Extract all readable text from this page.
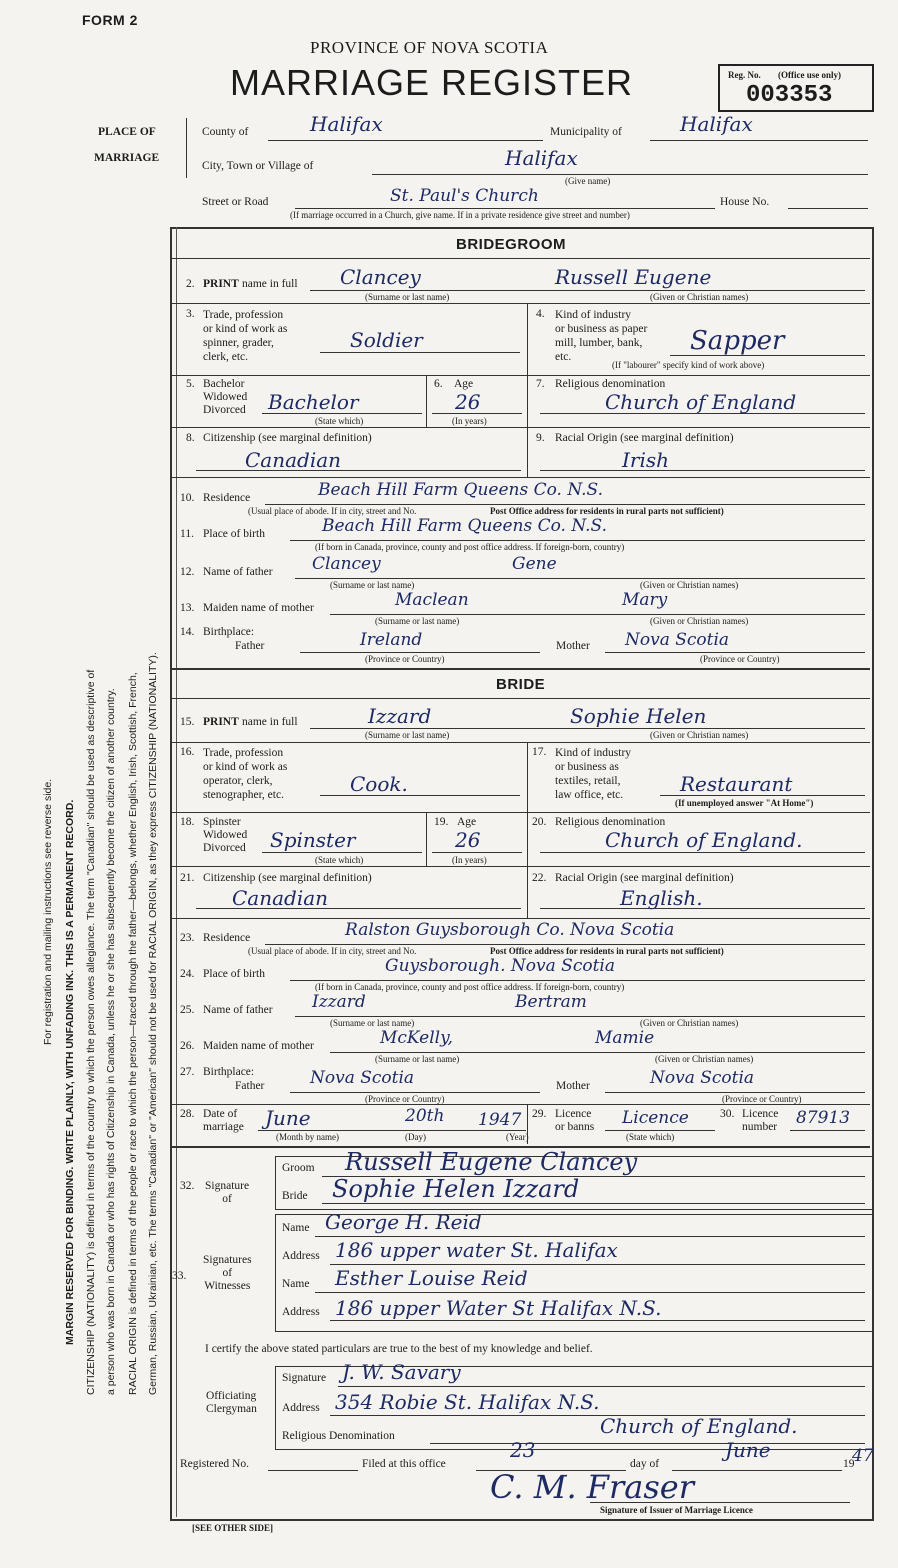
FORM 2
PROVINCE OF NOVA SCOTIA
MARRIAGE REGISTER	Reg. No. (Office use only)
003353
PLACE OF
MARRIAGE
County of	Halifax	Municipality of	Halifax
City, Town or Village of	Halifax
(Give name)
Street or Road	St. Paul's Church	House No.
(If marriage occurred in a Church, give name. If in a private residence give street and number)
For registration and mailing instructions see reverse side. MARGIN RESERVED FOR BINDING. WRITE PLAINLY, WITH UNFADING INK. THIS IS A PERMANENT RECORD. CITIZENSHIP (NATIONALITY) is defined in terms of the country to which the person owes allegiance. The term "Canadian" should be used as descriptive of a person who was born in Canada or who has rights of Citizenship in Canada, unless he or she has subsequently become the citizen of another country. RACIAL ORIGIN is defined in terms of the people or race to which the person—traced through the father—belongs, whether English, Irish, Scottish, French, German, Russian, Ukrainian, etc. The terms "Canadian" or "American" should not be used for RACIAL ORIGIN, as they express CITIZENSHIP (NATIONALITY).
BRIDEGROOM
2. PRINT name in full Clancey	Russell Eugene
(Surname or last name)	(Given or Christian names)
3. Trade, profession
or kind of work as
spinner, grader,
clerk, etc.
Soldier
4. Kind of industry
or business as paper
mill, lumber, bank,
etc.
Sapper
(If "labourer" specify kind of work above)
5. Bachelor
Widowed
Divorced Bachelor
(State which)
6. Age
26
(In years)
7. Religious denomination
Church of England
8. Citizenship (see marginal definition)
Canadian
9. Racial Origin (see marginal definition)
Irish
10. Residence	Beach Hill Farm Queens Co. N.S.
(Usual place of abode. If in city, street and No.	Post Office address for residents in rural parts not sufficient)
11. Place of birth	Beach Hill Farm Queens Co. N.S.
(If born in Canada, province, county and post office address. If foreign-born, country)
12. Name of father Clancey	Gene
(Surname or last name)	(Given or Christian names)
13. Maiden name of mother	Maclean	Mary
(Surname or last name)	(Given or Christian names)
14. Birthplace:
Father	Ireland	Mother Nova Scotia
(Province or Country)	(Province or Country)
BRIDE
15. PRINT name in full	Izzard	Sophie Helen
(Surname or last name)	(Given or Christian names)
16. Trade, profession
or kind of work as
operator, clerk,
stenographer, etc.	Cook.
17. Kind of industry
or business as
textiles, retail,
law office, etc.	Restaurant
(If unemployed answer "At Home")
18. Spinster
Widowed
Divorced Spinster
(State which)
19. Age
26
(In years)
20. Religious denomination
Church of England.
21. Citizenship (see marginal definition)
Canadian
22. Racial Origin (see marginal definition)
English.
23. Residence	Ralston Guysborough Co. Nova Scotia
(Usual place of abode. If in city, street and No.	Post Office address for residents in rural parts not sufficient)
24. Place of birth	Guysborough. Nova Scotia
(If born in Canada, province, county and post office address. If foreign-born, country)
25. Name of father Izzard	Bertram
(Surname or last name)	(Given or Christian names)
26. Maiden name of mother	McKelly,	Mamie
(Surname or last name)	(Given or Christian names)
27. Birthplace:
Father	Nova Scotia	Mother	Nova Scotia
(Province or Country)	(Province or Country)
28. Date of
marriage June	20th 1947
(Month by name)	(Day)	(Year)
29. Licence
or banns Licence
(State which)
30. Licence
number 87913
32. Signature
of
Groom Russell Eugene Clancey
Bride Sophie Helen Izzard
33.
Signatures
of
Witnesses
Name George H. Reid
Address 186 upper water St. Halifax
Name Esther Louise Reid
Address 186 upper Water St Halifax N.S.
I certify the above stated particulars are true to the best of my knowledge and belief.
Officiating
Clergyman
Signature J. W. Savary
Address 354 Robie St. Halifax N.S.
Religious Denomination	Church of England.
Registered No.	Filed at this office
23
day of
June
19
47
C. M. Fraser
Signature of Issuer of Marriage Licence
[SEE OTHER SIDE]
